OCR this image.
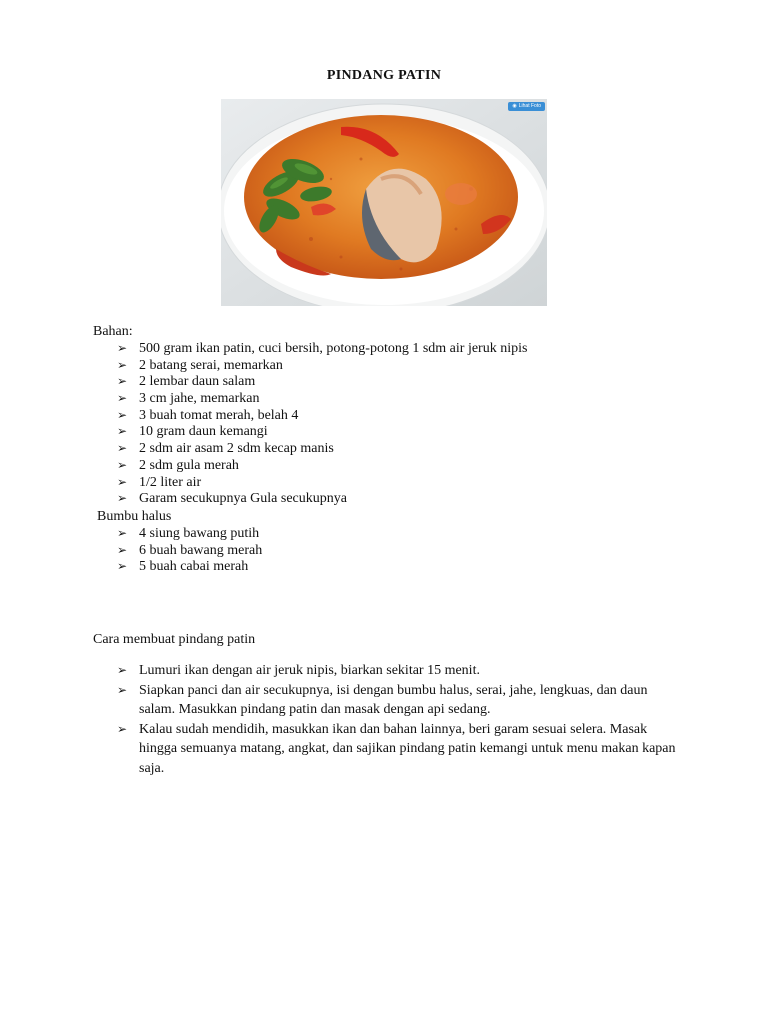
PINDANG PATIN
◉ Lihat Foto
Bahan:
➢ 500 gram ikan patin, cuci bersih, potong-potong 1 sdm air jeruk nipis
➢ 2 batang serai, memarkan
➢ 2 lembar daun salam
➢ 3 cm jahe, memarkan
➢ 3 buah tomat merah, belah 4
➢ 10 gram daun kemangi
➢ 2 sdm air asam 2 sdm kecap manis
➢ 2 sdm gula merah
➢ 1/2 liter air
➢ Garam secukupnya Gula secukupnya
Bumbu halus
➢ 4 siung bawang putih
➢ 6 buah bawang merah
➢ 5 buah cabai merah
Cara membuat pindang patin
➢ Lumuri ikan dengan air jeruk nipis, biarkan sekitar 15 menit.
➢ Siapkan panci dan air secukupnya, isi dengan bumbu halus, serai, jahe, lengkuas, dan daun salam. Masukkan pindang patin dan masak dengan api sedang.
➢ Kalau sudah mendidih, masukkan ikan dan bahan lainnya, beri garam sesuai selera. Masak hingga semuanya matang, angkat, dan sajikan pindang patin kemangi untuk menu makan kapan saja.
